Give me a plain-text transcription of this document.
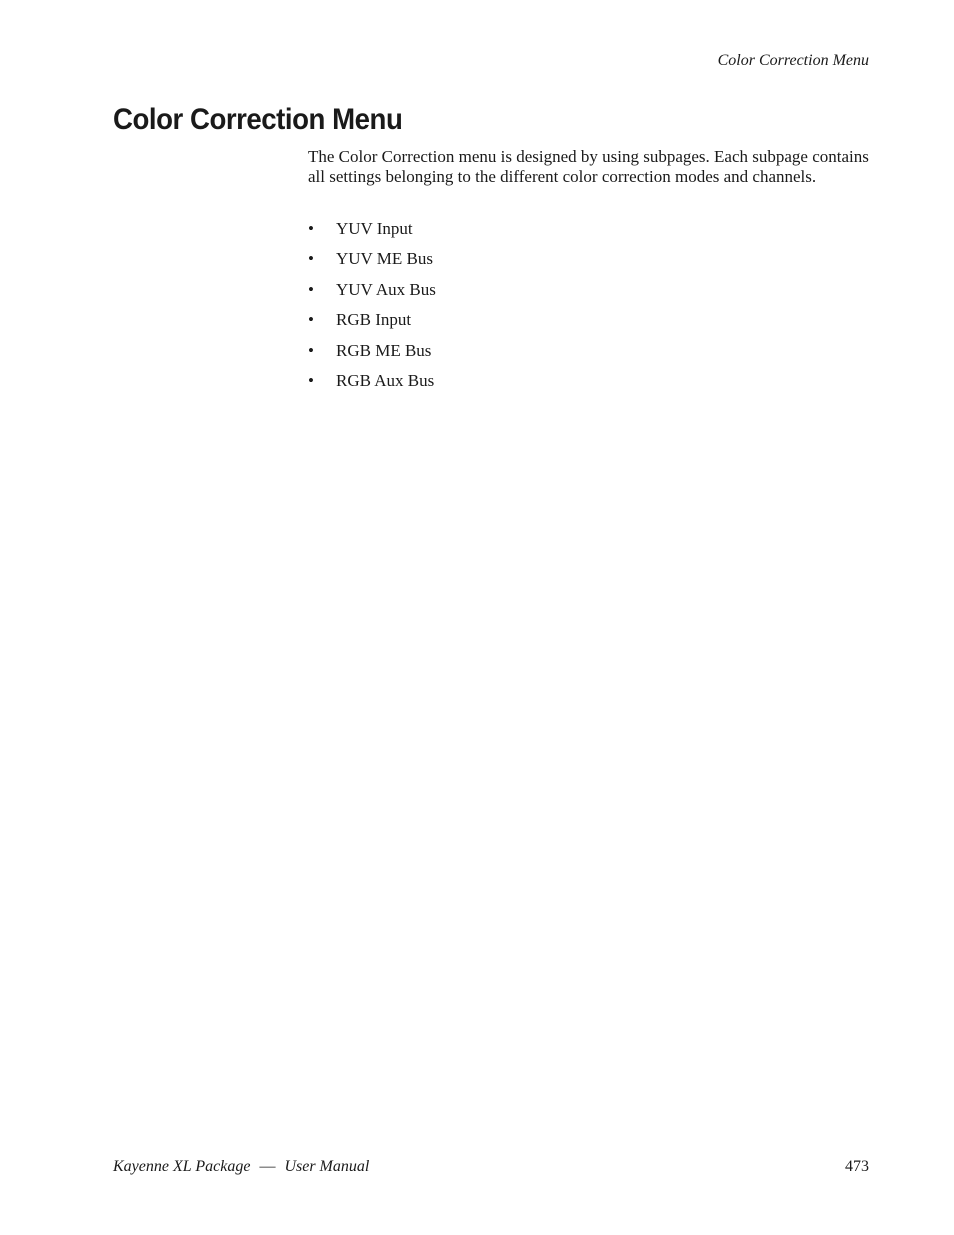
Color Correction Menu
Color Correction Menu

The Color Correction menu is designed by using subpages. Each subpage contains all settings belonging to the different color correction modes and channels.

• YUV Input
• YUV ME Bus
• YUV Aux Bus
• RGB Input
• RGB ME Bus
• RGB Aux Bus
Kayenne XL Package — User Manual	473
